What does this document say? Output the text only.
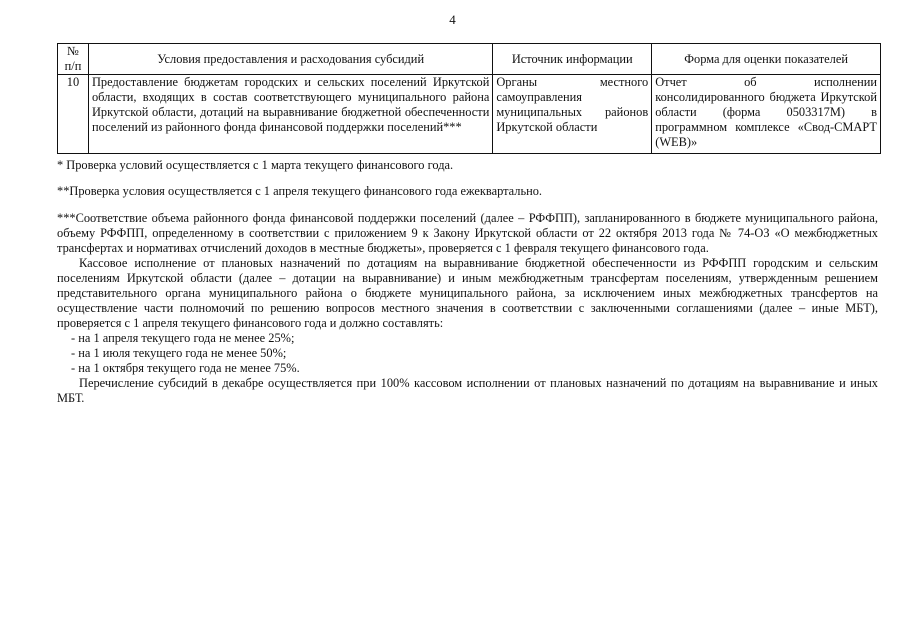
4
№ п/п	Условия предоставления и расходования субсидий	Источник информации	Форма для оценки показателей
10	Предоставление бюджетам городских и сельских поселений Иркутской области, входящих в состав соответствующего муниципального района Иркутской области, дотаций на выравнивание бюджетной обеспеченности поселений из районного фонда финансовой поддержки поселений***	Органы местного самоуправления муниципальных районов Иркутской области	Отчет об исполнении консолидированного бюджета Иркутской области (форма 0503317М) в программном комплексе «Свод-СМАРТ (WEB)»

* Проверка условий осуществляется с 1 марта текущего финансового года.

**Проверка условия осуществляется с 1 апреля текущего финансового года ежеквартально.

***Соответствие объема районного фонда финансовой поддержки поселений (далее – РФФПП), запланированного в бюджете муниципального района, объему РФФПП, определенному в соответствии с приложением 9 к Закону Иркутской области от 22 октября 2013 года № 74-ОЗ «О межбюджетных трансфертах и нормативах отчислений доходов в местные бюджеты», проверяется с 1 февраля текущего финансового года.

Кассовое исполнение от плановых назначений по дотациям на выравнивание бюджетной обеспеченности из РФФПП городским и сельским поселениям Иркутской области (далее – дотации на выравнивание) и иным межбюджетным трансфертам поселениям, утвержденным решением представительного органа муниципального района о бюджете муниципального района, за исключением иных межбюджетных трансфертов на осуществление части полномочий по решению вопросов местного значения в соответствии с заключенными соглашениями (далее – иные МБТ), проверяется с 1 апреля текущего финансового года и должно составлять:

- на 1 апреля текущего года не менее 25%;

- на 1 июля текущего года не менее 50%;

- на 1 октября текущего года не менее 75%.

Перечисление субсидий в декабре осуществляется при 100% кассовом исполнении от плановых назначений по дотациям на выравнивание и иных МБТ.
